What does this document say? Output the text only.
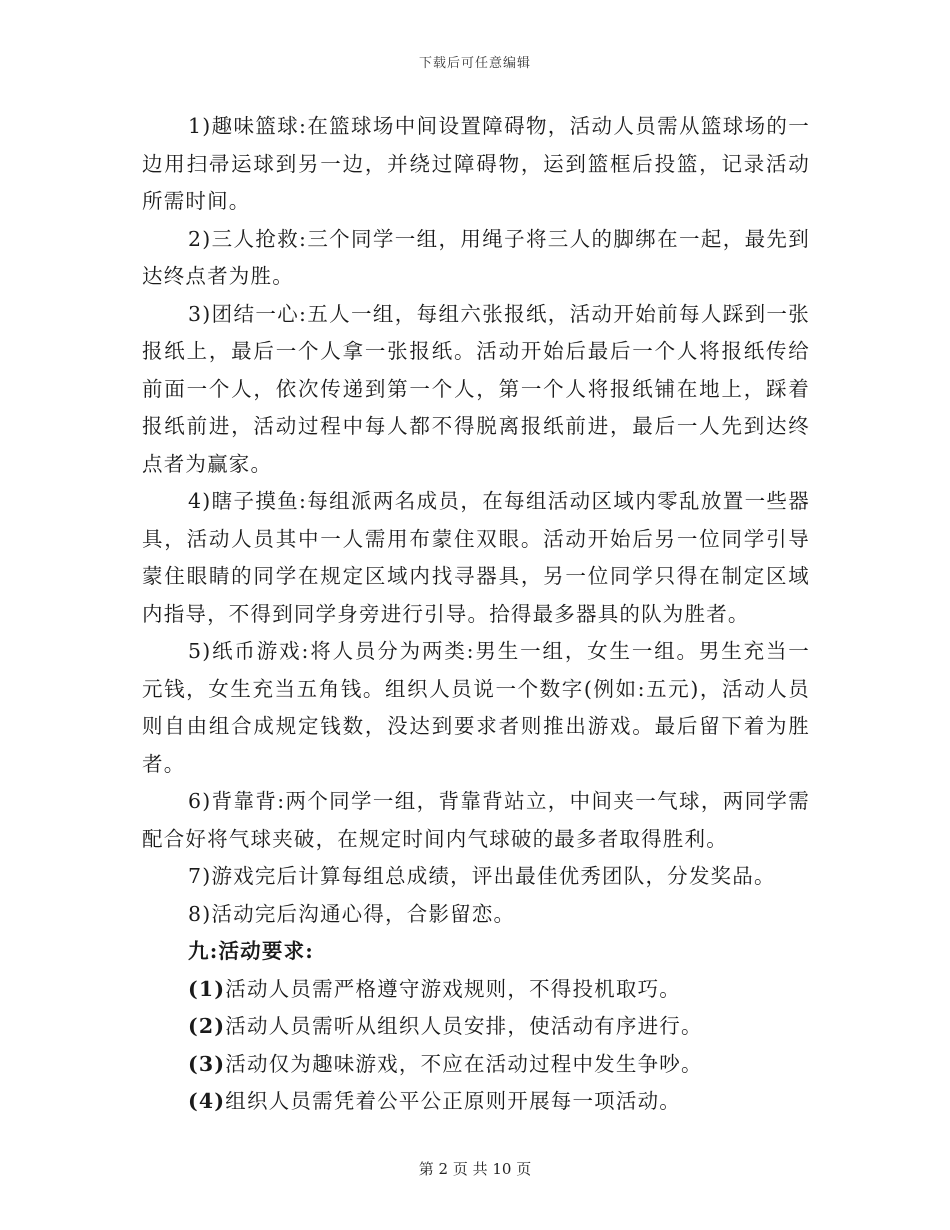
下载后可任意编辑

1)趣味篮球:在篮球场中间设置障碍物，活动人员需从篮球场的一边用扫帚运球到另一边，并绕过障碍物，运到篮框后投篮，记录活动所需时间。

2)三人抢救:三个同学一组，用绳子将三人的脚绑在一起，最先到达终点者为胜。

3)团结一心:五人一组，每组六张报纸，活动开始前每人踩到一张报纸上，最后一个人拿一张报纸。活动开始后最后一个人将报纸传给前面一个人，依次传递到第一个人，第一个人将报纸铺在地上，踩着报纸前进，活动过程中每人都不得脱离报纸前进，最后一人先到达终点者为赢家。

4)瞎子摸鱼:每组派两名成员，在每组活动区域内零乱放置一些器具，活动人员其中一人需用布蒙住双眼。活动开始后另一位同学引导蒙住眼睛的同学在规定区域内找寻器具，另一位同学只得在制定区域内指导，不得到同学身旁进行引导。拾得最多器具的队为胜者。

5)纸币游戏:将人员分为两类:男生一组，女生一组。男生充当一元钱，女生充当五角钱。组织人员说一个数字(例如:五元)，活动人员则自由组合成规定钱数，没达到要求者则推出游戏。最后留下着为胜者。

6)背靠背:两个同学一组，背靠背站立，中间夹一气球，两同学需配合好将气球夹破，在规定时间内气球破的最多者取得胜利。

7)游戏完后计算每组总成绩，评出最佳优秀团队，分发奖品。

8)活动完后沟通心得，合影留恋。

九:活动要求:

(1)活动人员需严格遵守游戏规则，不得投机取巧。

(2)活动人员需听从组织人员安排，使活动有序进行。

(3)活动仅为趣味游戏，不应在活动过程中发生争吵。

(4)组织人员需凭着公平公正原则开展每一项活动。

第 2 页 共 10 页
